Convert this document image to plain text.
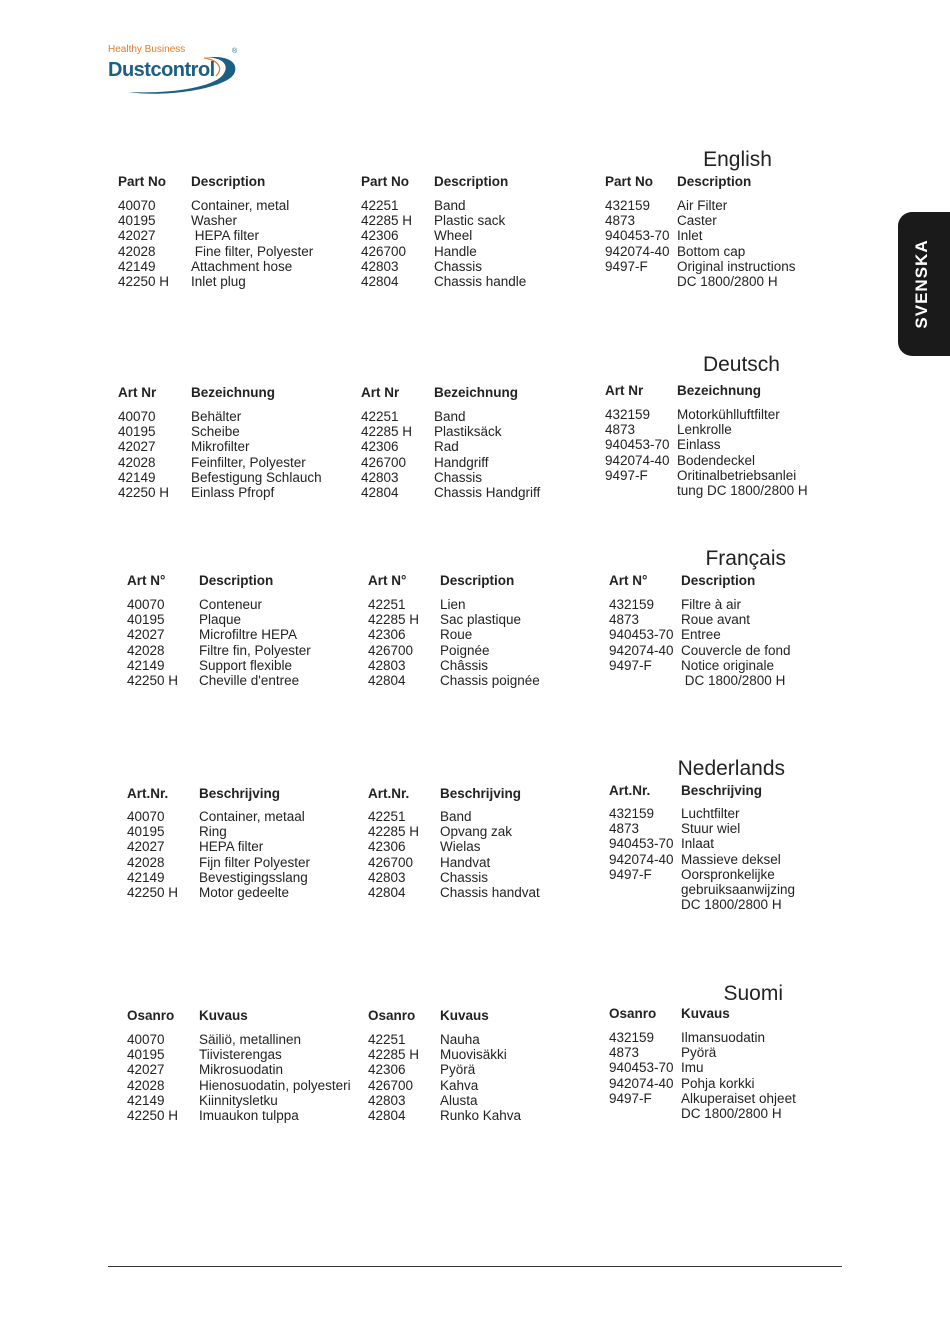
Healthy Business
Dustcontrol
®
SVENSKA
English
Part No Description
40070	Container, metal
40195	Washer
42027	HEPA filter
42028	Fine filter, Polyester
42149	Attachment hose
42250 H Inlet plug
Part No Description
42251	Band
42285 H Plastic sack
42306	Wheel
426700 Handle
42803	Chassis
42804	Chassis handle
Part No Description
432159 Air Filter
4873	Caster
940453-70 Inlet
942074-40 Bottom cap
9497-F Original instructions
DC 1800/2800 H
Deutsch
Art Nr	Bezeichnung
40070	Behälter
40195	Scheibe
42027	Mikrofilter
42028	Feinfilter, Polyester
42149	Befestigung Schlauch
42250 H Einlass Pfropf
Art Nr	Bezeichnung
42251	Band
42285 H Plastiksäck
42306	Rad
426700 Handgriff
42803	Chassis
42804	Chassis Handgriff
Art Nr Bezeichnung
432159 Motorkühlluftfilter
4873	Lenkrolle
940453-70 Einlass
942074-40 Bodendeckel
9497-F Oritinalbetriebsanlei
tung DC 1800/2800 H
Français
Art N° Description
40070	Conteneur
40195	Plaque
42027	Microfiltre HEPA
42028	Filtre fin, Polyester
42149	Support flexible
42250 H Cheville d'entree
Art N° Description
42251	Lien
42285 H Sac plastique
42306	Roue
426700 Poignée
42803	Châssis
42804	Chassis poignée
Art N° Description
432159 Filtre à air
4873	Roue avant
940453-70 Entree
942074-40 Couvercle de fond
9497-F Notice originale
DC 1800/2800 H
Nederlands
Art.Nr. Beschrijving
40070	Container, metaal
40195	Ring
42027	HEPA filter
42028	Fijn filter Polyester
42149	Bevestigingsslang
42250 H Motor gedeelte
Art.Nr. Beschrijving
42251	Band
42285 H Opvang zak
42306	Wielas
426700 Handvat
42803	Chassis
42804	Chassis handvat
Art.Nr. Beschrijving
432159 Luchtfilter
4873	Stuur wiel
940453-70 Inlaat
942074-40 Massieve deksel
9497-F Oorspronkelijke
gebruiksaanwijzing
DC 1800/2800 H
Suomi
Osanro Kuvaus
40070	Säiliö, metallinen
40195	Tiivisterengas
42027	Mikrosuodatin
42028	Hienosuodatin, polyesteri
42149	Kiinnitysletku
42250 H Imuaukon tulppa
Osanro Kuvaus
42251	Nauha
42285 H Muovisäkki
42306	Pyörä
426700 Kahva
42803	Alusta
42804	Runko Kahva
Osanro Kuvaus
432159 Ilmansuodatin
4873	Pyörä
940453-70 Imu
942074-40 Pohja korkki
9497-F Alkuperaiset ohjeet
DC 1800/2800 H
